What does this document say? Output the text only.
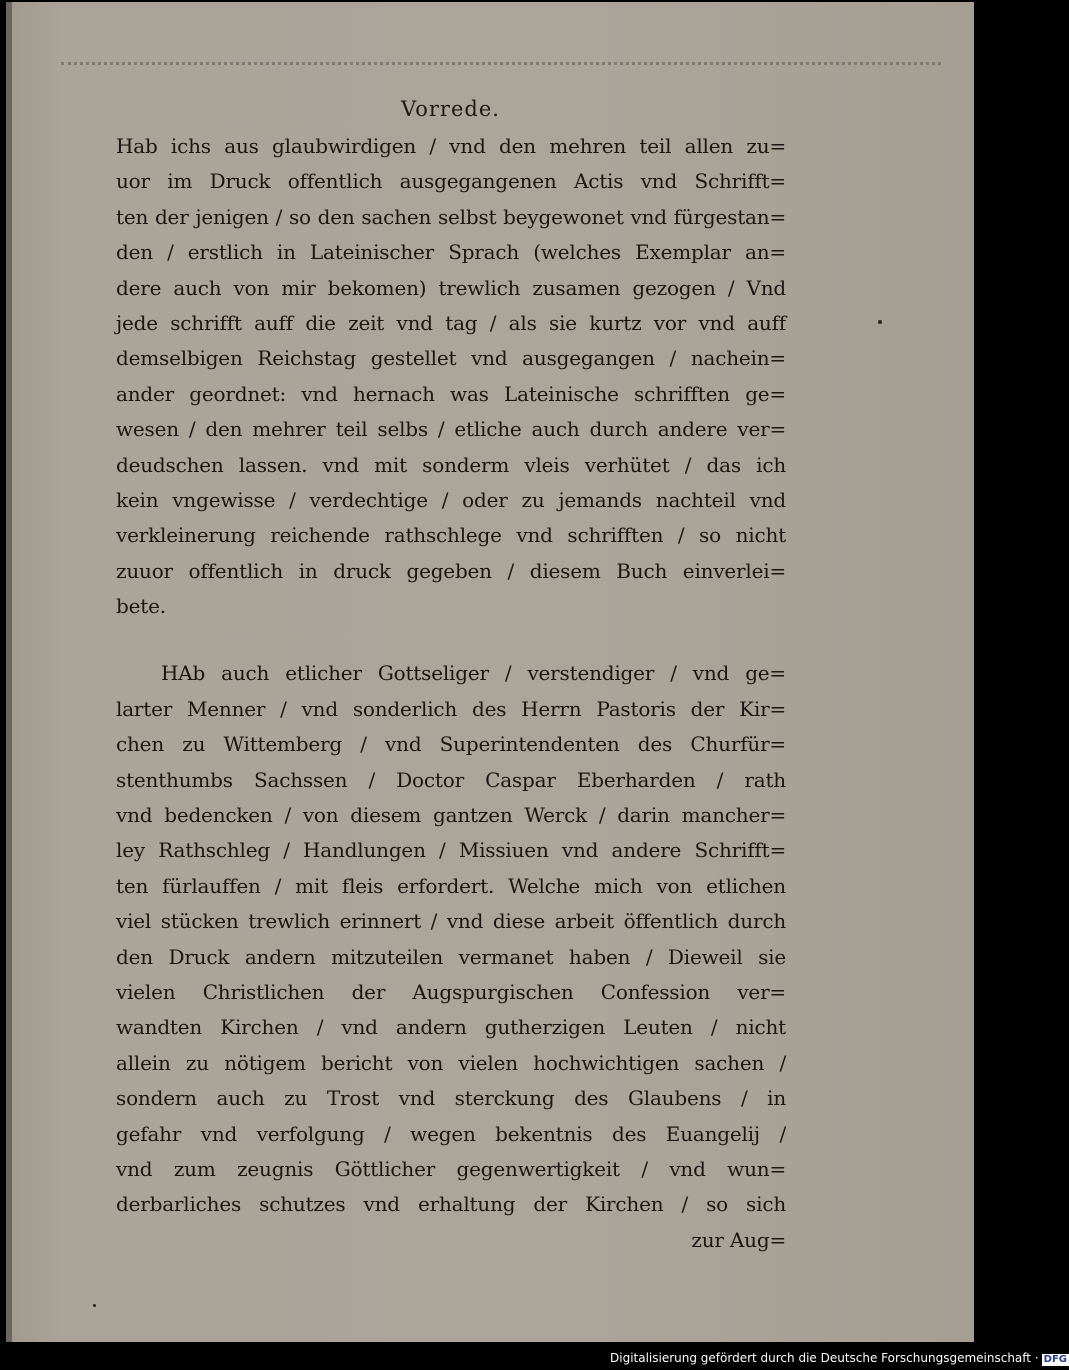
Vorrede.
Hab ichs aus glaubwirdigen / vnd den mehren teil allen zu=
uor im Druck offentlich ausgegangenen Actis vnd Schrifft=
ten der jenigen / so den sachen selbst beygewonet vnd fürgestan=
den / erstlich in Lateinischer Sprach (welches Exemplar an=
dere auch von mir bekomen) trewlich zusamen gezogen / Vnd
jede schrifft auff die zeit vnd tag / als sie kurtz vor vnd auff
demselbigen Reichstag gestellet vnd ausgegangen / nachein=
ander geordnet: vnd hernach was Lateinische schrifften ge=
wesen / den mehrer teil selbs / etliche auch durch andere ver=
deudschen lassen. vnd mit sonderm vleis verhütet / das ich
kein vngewisse / verdechtige / oder zu jemands nachteil vnd
verkleinerung reichende rathschlege vnd schrifften / so nicht
zuuor offentlich in druck gegeben / diesem Buch einverlei=
bete.
HAb auch etlicher Gottseliger / verstendiger / vnd ge=
larter Menner / vnd sonderlich des Herrn Pastoris der Kir=
chen zu Wittemberg / vnd Superintendenten des Churfür=
stenthumbs Sachssen / Doctor Caspar Eberharden / rath
vnd bedencken / von diesem gantzen Werck / darin mancher=
ley Rathschleg / Handlungen / Missiuen vnd andere Schrifft=
ten fürlauffen / mit fleis erfordert. Welche mich von etlichen
viel stücken trewlich erinnert / vnd diese arbeit öffentlich durch
den Druck andern mitzuteilen vermanet haben / Dieweil sie
vielen Christlichen der Augspurgischen Confession ver=
wandten Kirchen / vnd andern gutherzigen Leuten / nicht
allein zu nötigem bericht von vielen hochwichtigen sachen /
sondern auch zu Trost vnd sterckung des Glaubens / in
gefahr vnd verfolgung / wegen bekentnis des Euangelij /
vnd zum zeugnis Göttlicher gegenwertigkeit / vnd wun=
derbarliches schutzes vnd erhaltung der Kirchen / so sich
zur Aug=
Digitalisierung gefördert durch die Deutsche Forschungsgemeinschaft · DFG
